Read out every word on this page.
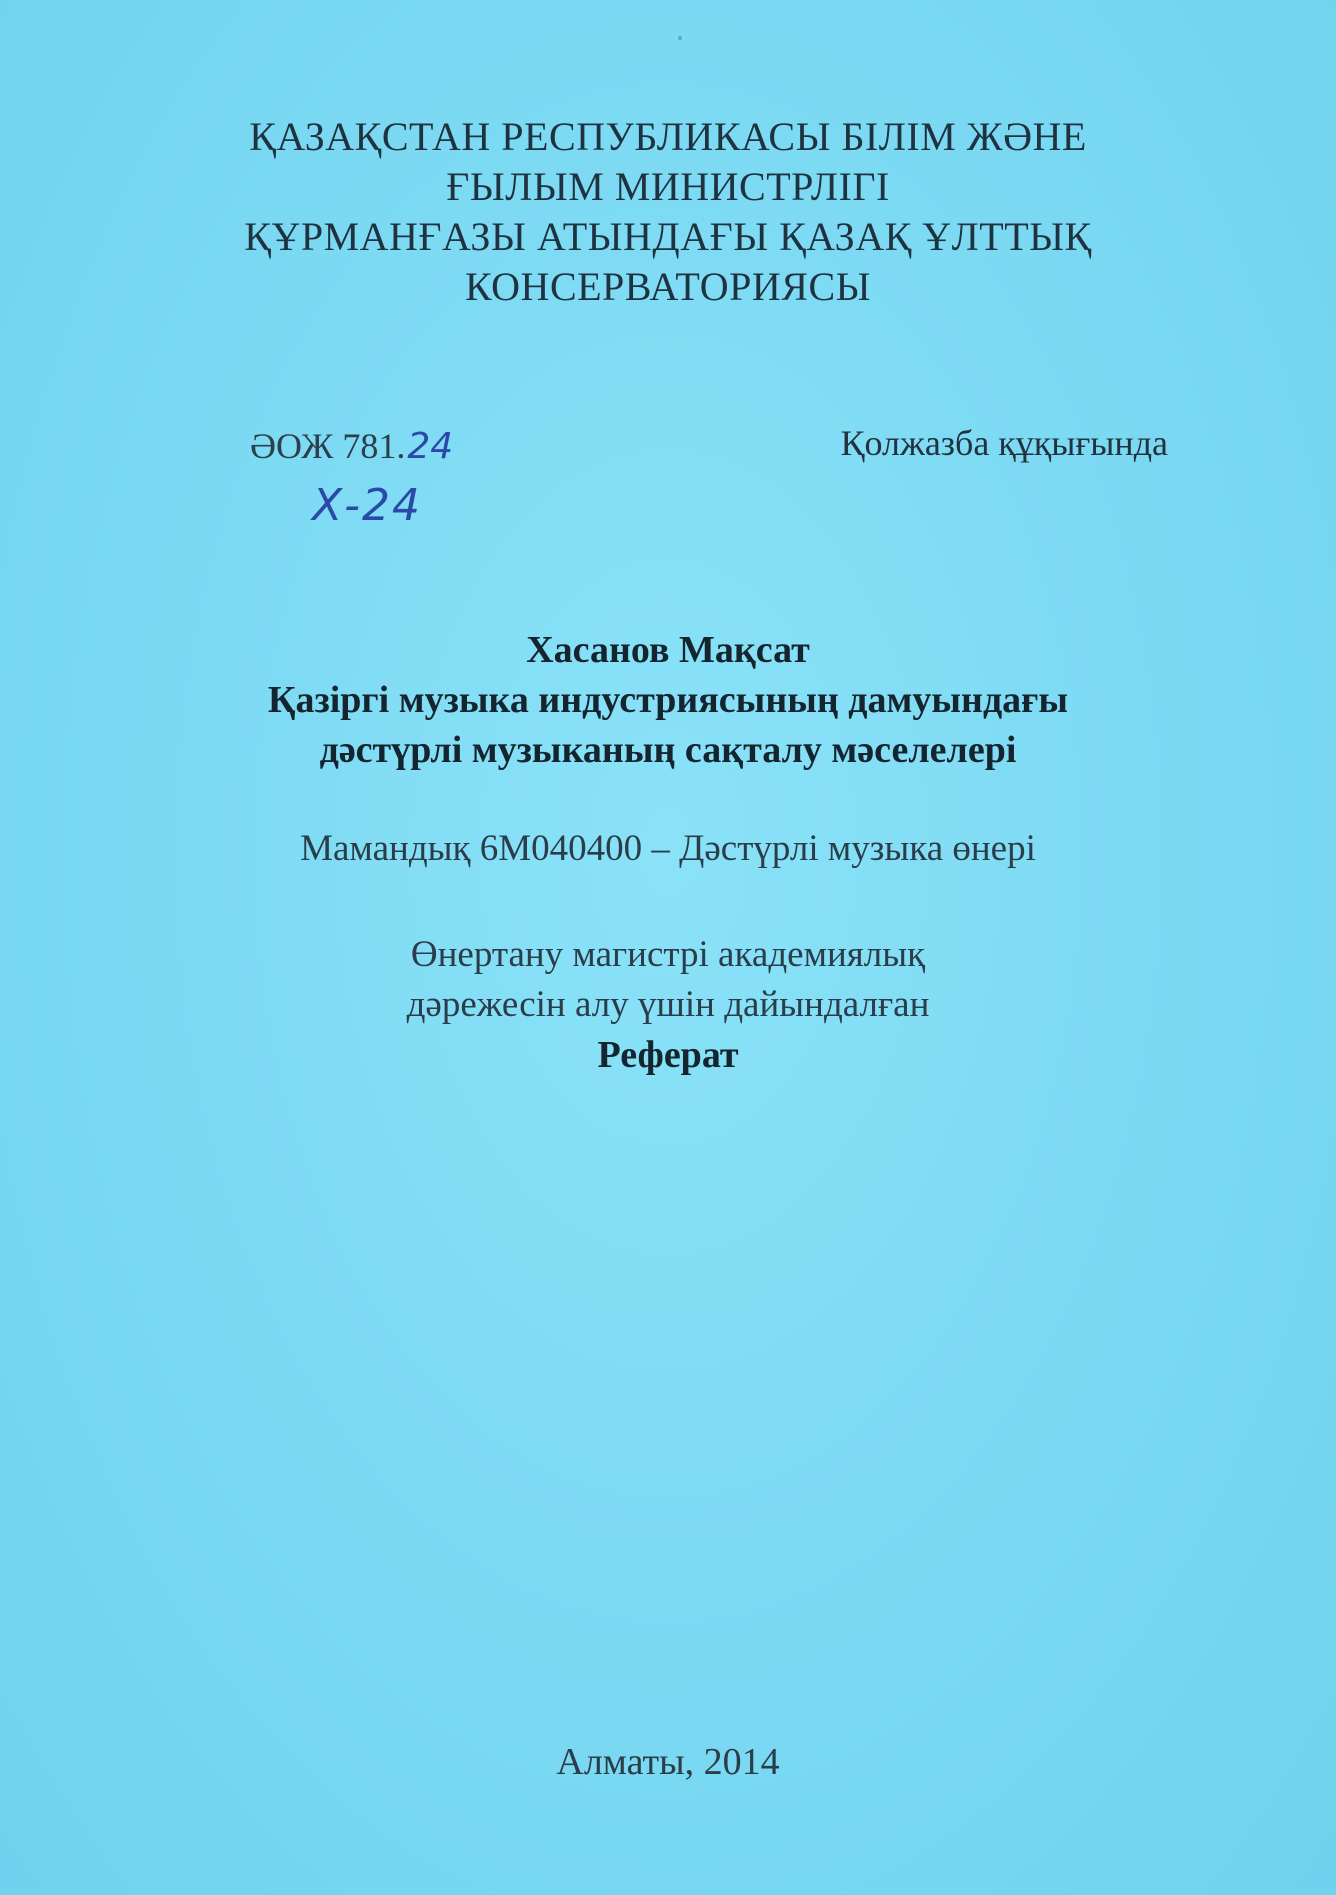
ҚАЗАҚСТАН РЕСПУБЛИКАСЫ БІЛІМ ЖӘНЕ
ҒЫЛЫМ МИНИСТРЛІГІ
ҚҰРМАНҒАЗЫ АТЫНДАҒЫ ҚАЗАҚ ҰЛТТЫҚ
КОНСЕРВАТОРИЯСЫ
ӘОЖ 781.24
Х-24
Қолжазба құқығында
Хасанов Мақсат
Қазіргі музыка индустриясының дамуындағы
дәстүрлі музыканың сақталу мәселелері
Мамандық 6М040400 – Дәстүрлі музыка өнері
Өнертану магистрі академиялық
дәрежесін алу үшін дайындалған
Реферат
Алматы, 2014
